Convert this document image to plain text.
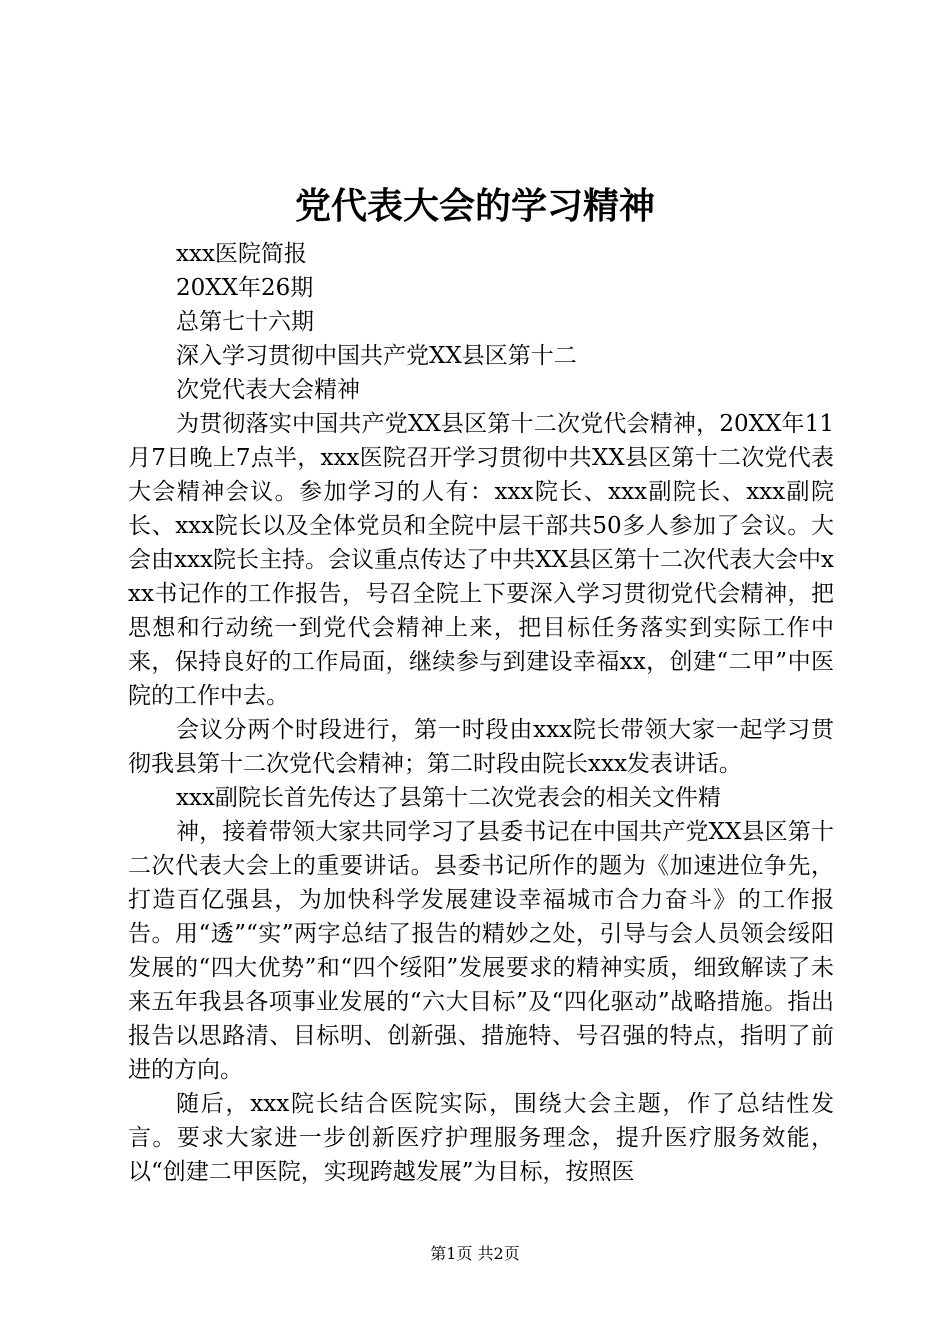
党代表大会的学习精神

xxx医院简报

20XX年26期

总第七十六期

深入学习贯彻中国共产党XX县区第十二

次党代表大会精神

为贯彻落实中国共产党XX县区第十二次党代会精神，20XX年11月7日晚上7点半，xxx医院召开学习贯彻中共XX县区第十二次党代表大会精神会议。参加学习的人有：xxx院长、xxx副院长、xxx副院长、xxx院长以及全体党员和全院中层干部共50多人参加了会议。大会由xxx院长主持。会议重点传达了中共XX县区第十二次代表大会中xxx书记作的工作报告，号召全院上下要深入学习贯彻党代会精神，把思想和行动统一到党代会精神上来，把目标任务落实到实际工作中来，保持良好的工作局面，继续参与到建设幸福xx，创建“二甲”中医院的工作中去。

会议分两个时段进行，第一时段由xxx院长带领大家一起学习贯彻我县第十二次党代会精神；第二时段由院长xxx发表讲话。

xxx副院长首先传达了县第十二次党表会的相关文件精

神，接着带领大家共同学习了县委书记在中国共产党XX县区第十二次代表大会上的重要讲话。县委书记所作的题为《加速进位争先，打造百亿强县，为加快科学发展建设幸福城市合力奋斗》的工作报告。用“透”“实”两字总结了报告的精妙之处，引导与会人员领会绥阳发展的“四大优势”和“四个绥阳”发展要求的精神实质，细致解读了未来五年我县各项事业发展的“六大目标”及“四化驱动”战略措施。指出报告以思路清、目标明、创新强、措施特、号召强的特点，指明了前进的方向。

随后，xxx院长结合医院实际，围绕大会主题，作了总结性发言。要求大家进一步创新医疗护理服务理念，提升医疗服务效能，以“创建二甲医院，实现跨越发展”为目标，按照医

第1页 共2页
